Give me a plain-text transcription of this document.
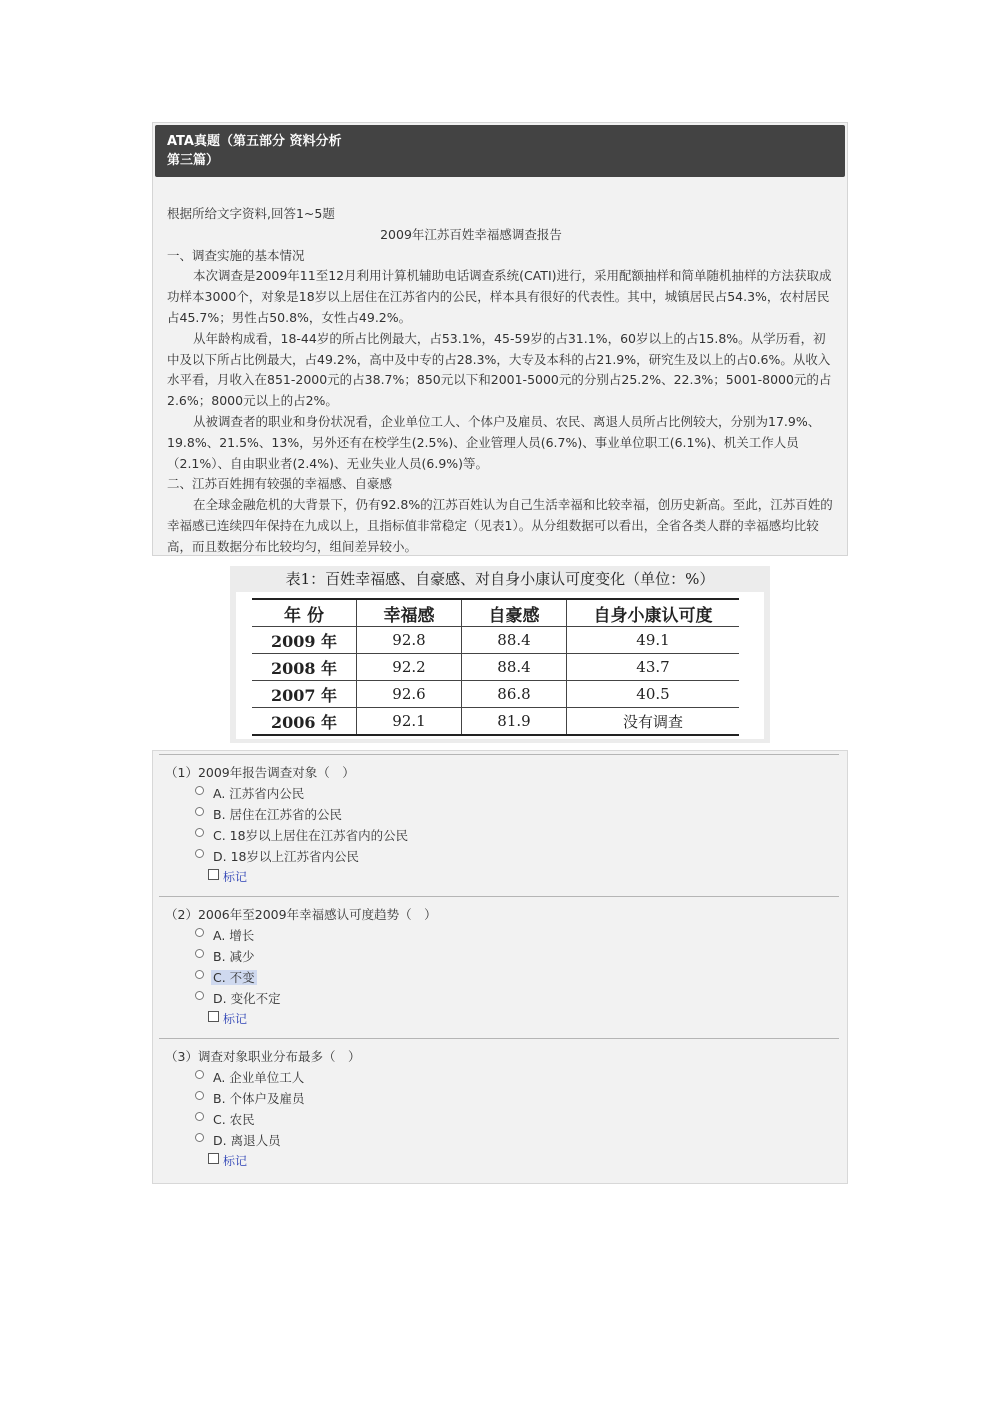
ATA真题（第五部分 资料分析
第三篇）

根据所给文字资料,回答1~5题

2009年江苏百姓幸福感调查报告

一、调查实施的基本情况

本次调查是2009年11至12月利用计算机辅助电话调查系统(CATI)进行，采用配额抽样和简单随机抽样的方法获取成功样本3000个，对象是18岁以上居住在江苏省内的公民，样本具有很好的代表性。其中，城镇居民占54.3%，农村居民占45.7%；男性占50.8%，女性占49.2%。

从年龄构成看，18-44岁的所占比例最大，占53.1%，45-59岁的占31.1%，60岁以上的占15.8%。从学历看，初中及以下所占比例最大，占49.2%，高中及中专的占28.3%，大专及本科的占21.9%，研究生及以上的占0.6%。从收入水平看，月收入在851-2000元的占38.7%；850元以下和2001-5000元的分别占25.2%、22.3%；5001-8000元的占2.6%；8000元以上的占2%。

从被调查者的职业和身份状况看，企业单位工人、个体户及雇员、农民、离退人员所占比例较大，分别为17.9%、19.8%、21.5%、13%，另外还有在校学生(2.5%)、企业管理人员(6.7%)、事业单位职工(6.1%)、机关工作人员（2.1%）、自由职业者(2.4%)、无业失业人员(6.9%)等。

二、江苏百姓拥有较强的幸福感、自豪感

在全球金融危机的大背景下，仍有92.8%的江苏百姓认为自己生活幸福和比较幸福，创历史新高。至此，江苏百姓的幸福感已连续四年保持在九成以上，且指标值非常稳定（见表1）。从分组数据可以看出，全省各类人群的幸福感均比较高，而且数据分布比较均匀，组间差异较小。

表1：百姓幸福感、自豪感、对自身小康认可度变化（单位：%）
年 份	幸福感	自豪感	自身小康认可度
2009 年	92.8	88.4	49.1
2008 年	92.2	88.4	43.7
2007 年	92.6	86.8	40.5
2006 年	92.1	81.9	没有调查
（1）2009年报告调查对象（　）
A. 江苏省内公民
B. 居住在江苏省的公民
C. 18岁以上居住在江苏省内的公民
D. 18岁以上江苏省内公民
标记
（2）2006年至2009年幸福感认可度趋势（　）
A. 增长
B. 减少
C. 不变
D. 变化不定
标记
（3）调查对象职业分布最多（　）
A. 企业单位工人
B. 个体户及雇员
C. 农民
D. 离退人员
标记
